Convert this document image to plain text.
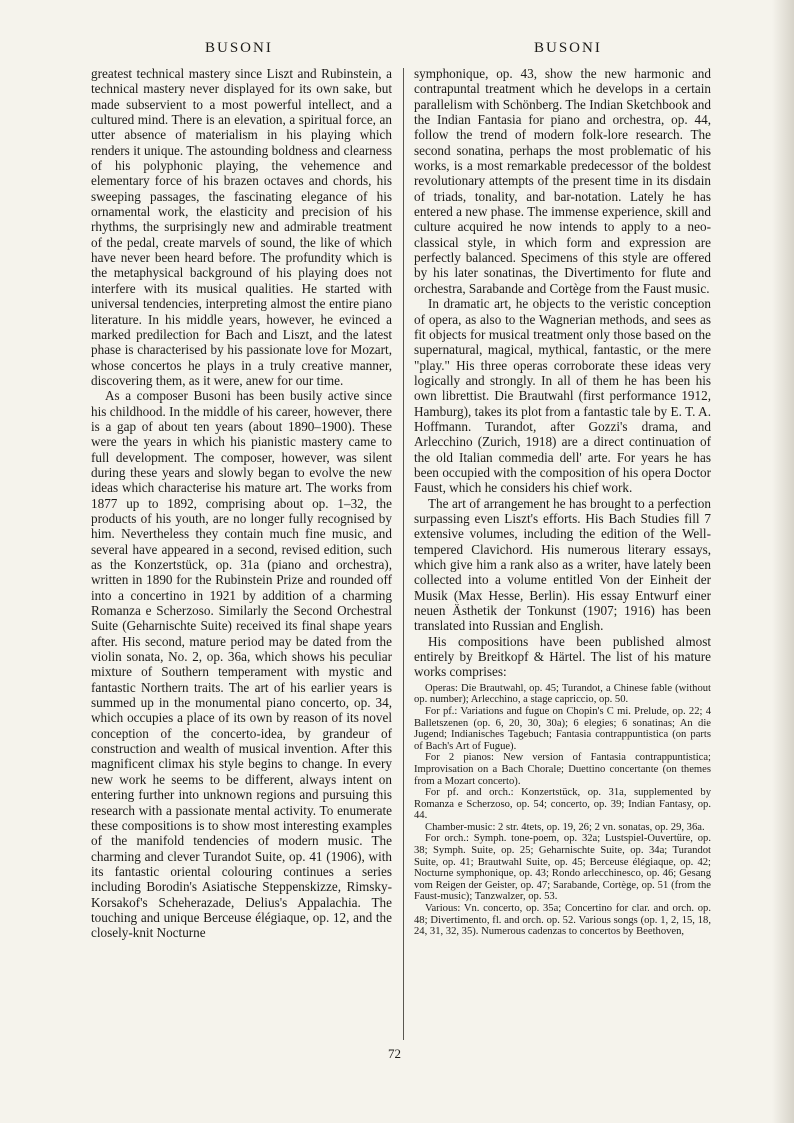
BUSONI	BUSONI

greatest technical mastery since Liszt and Rubinstein, a technical mastery never displayed for its own sake, but made subservient to a most powerful intellect, and a cultured mind. There is an elevation, a spiritual force, an utter absence of materialism in his playing which renders it unique. The astounding boldness and clearness of his polyphonic playing, the vehemence and elementary force of his brazen octaves and chords, his sweeping passages, the fascinating elegance of his ornamental work, the elasticity and precision of his rhythms, the surprisingly new and admirable treatment of the pedal, create marvels of sound, the like of which have never been heard before. The profundity which is the metaphysical background of his playing does not interfere with its musical qualities. He started with universal tendencies, interpreting almost the entire piano literature. In his middle years, however, he evinced a marked predilection for Bach and Liszt, and the latest phase is characterised by his passionate love for Mozart, whose concertos he plays in a truly creative manner, discovering them, as it were, anew for our time.

As a composer Busoni has been busily active since his childhood. In the middle of his career, however, there is a gap of about ten years (about 1890–1900). These were the years in which his pianistic mastery came to full development. The composer, however, was silent during these years and slowly began to evolve the new ideas which characterise his mature art. The works from 1877 up to 1892, comprising about op. 1–32, the products of his youth, are no longer fully recognised by him. Nevertheless they contain much fine music, and several have appeared in a second, revised edition, such as the Konzertstück, op. 31a (piano and orchestra), written in 1890 for the Rubinstein Prize and rounded off into a concertino in 1921 by addition of a charming Romanza e Scherzoso. Similarly the Second Orchestral Suite (Geharnischte Suite) received its final shape years after. His second, mature period may be dated from the violin sonata, No. 2, op. 36a, which shows his peculiar mixture of Southern temperament with mystic and fantastic Northern traits. The art of his earlier years is summed up in the monumental piano concerto, op. 34, which occupies a place of its own by reason of its novel conception of the concerto-idea, by grandeur of construction and wealth of musical invention. After this magnificent climax his style begins to change. In every new work he seems to be different, always intent on entering further into unknown regions and pursuing this research with a passionate mental activity. To enumerate these compositions is to show most interesting examples of the manifold tendencies of modern music. The charming and clever Turandot Suite, op. 41 (1906), with its fantastic oriental colouring continues a series including Borodin's Asiatische Steppenskizze, Rimsky-Korsakof's Scheherazade, Delius's Appalachia. The touching and unique Berceuse élégiaque, op. 12, and the closely-knit Nocturne

symphonique, op. 43, show the new harmonic and contrapuntal treatment which he develops in a certain parallelism with Schönberg. The Indian Sketchbook and the Indian Fantasia for piano and orchestra, op. 44, follow the trend of modern folk-lore research. The second sonatina, perhaps the most problematic of his works, is a most remarkable predecessor of the boldest revolutionary attempts of the present time in its disdain of triads, tonality, and bar-notation. Lately he has entered a new phase. The immense experience, skill and culture acquired he now intends to apply to a neo-classical style, in which form and expression are perfectly balanced. Specimens of this style are offered by his later sonatinas, the Divertimento for flute and orchestra, Sarabande and Cortège from the Faust music.

In dramatic art, he objects to the veristic conception of opera, as also to the Wagnerian methods, and sees as fit objects for musical treatment only those based on the supernatural, magical, mythical, fantastic, or the mere "play." His three operas corroborate these ideas very logically and strongly. In all of them he has been his own librettist. Die Brautwahl (first performance 1912, Hamburg), takes its plot from a fantastic tale by E. T. A. Hoffmann. Turandot, after Gozzi's drama, and Arlecchino (Zurich, 1918) are a direct continuation of the old Italian commedia dell' arte. For years he has been occupied with the composition of his opera Doctor Faust, which he considers his chief work.

The art of arrangement he has brought to a perfection surpassing even Liszt's efforts. His Bach Studies fill 7 extensive volumes, including the edition of the Well-tempered Clavichord. His numerous literary essays, which give him a rank also as a writer, have lately been collected into a volume entitled Von der Einheit der Musik (Max Hesse, Berlin). His essay Entwurf einer neuen Ästhetik der Tonkunst (1907; 1916) has been translated into Russian and English.

His compositions have been published almost entirely by Breitkopf & Härtel. The list of his mature works comprises:

Operas: Die Brautwahl, op. 45; Turandot, a Chinese fable (without op. number); Arlecchino, a stage capriccio, op. 50.

For pf.: Variations and fugue on Chopin's C mi. Prelude, op. 22; 4 Balletszenen (op. 6, 20, 30, 30a); 6 elegies; 6 sonatinas; An die Jugend; Indianisches Tagebuch; Fantasia contrappuntistica (on parts of Bach's Art of Fugue).

For 2 pianos: New version of Fantasia contrappuntistica; Improvisation on a Bach Chorale; Duettino concertante (on themes from a Mozart concerto).

For pf. and orch.: Konzertstück, op. 31a, supplemented by Romanza e Scherzoso, op. 54; concerto, op. 39; Indian Fantasy, op. 44.

Chamber-music: 2 str. 4tets, op. 19, 26; 2 vn. sonatas, op. 29, 36a.

For orch.: Symph. tone-poem, op. 32a; Lustspiel-Ouvertüre, op. 38; Symph. Suite, op. 25; Geharnischte Suite, op. 34a; Turandot Suite, op. 41; Brautwahl Suite, op. 45; Berceuse élégiaque, op. 42; Nocturne symphonique, op. 43; Rondo arlecchinesco, op. 46; Gesang vom Reigen der Geister, op. 47; Sarabande, Cortège, op. 51 (from the Faust-music); Tanzwalzer, op. 53.

Various: Vn. concerto, op. 35a; Concertino for clar. and orch. op. 48; Divertimento, fl. and orch. op. 52. Various songs (op. 1, 2, 15, 18, 24, 31, 32, 35). Numerous cadenzas to concertos by Beethoven,

72
